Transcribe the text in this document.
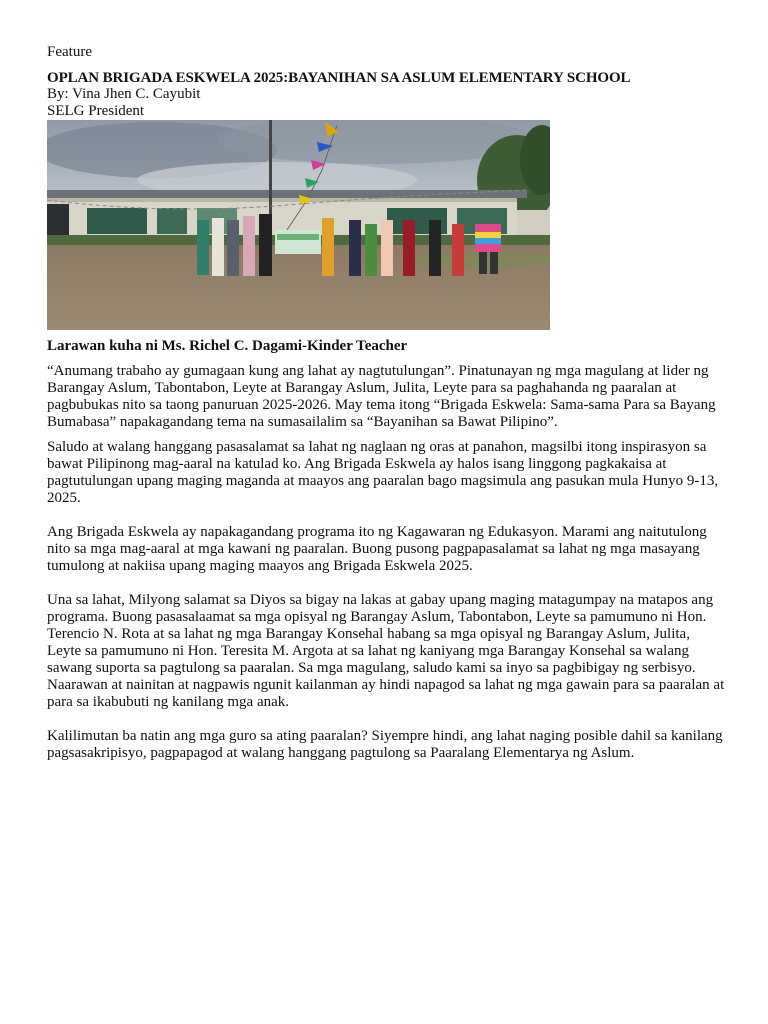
Feature
OPLAN BRIGADA ESKWELA 2025:BAYANIHAN SA ASLUM ELEMENTARY SCHOOL
By: Vina Jhen C. Cayubit
SELG President
Larawan kuha ni Ms. Richel C. Dagami-Kinder Teacher

“Anumang trabaho ay gumagaan kung ang lahat ay nagtutulungan”. Pinatunayan ng mga magulang at lider ng Barangay Aslum, Tabontabon, Leyte at Barangay Aslum, Julita, Leyte para sa paghahanda ng paaralan at pagbubukas nito sa taong panuruan 2025-2026. May tema itong “Brigada Eskwela: Sama-sama Para sa Bayang Bumabasa” napakagandang tema na sumasailalim sa “Bayanihan sa Bawat Pilipino”.

Saludo at walang hanggang pasasalamat sa lahat ng naglaan ng oras at panahon, magsilbi itong inspirasyon sa bawat Pilipinong mag-aaral na katulad ko. Ang Brigada Eskwela ay halos isang linggong pagkakaisa at pagtutulungan upang maging maganda at maayos ang paaralan bago magsimula ang pasukan mula Hunyo 9-13, 2025.

Ang Brigada Eskwela ay napakagandang programa ito ng Kagawaran ng Edukasyon. Marami ang naitutulong nito sa mga mag-aaral at mga kawani ng paaralan. Buong pusong pagpapasalamat sa lahat ng mga masayang tumulong at nakiisa upang maging maayos ang Brigada Eskwela 2025.

Una sa lahat, Milyong salamat sa Diyos sa bigay na lakas at gabay upang maging matagumpay na matapos ang programa. Buong pasasalaamat sa mga opisyal ng Barangay Aslum, Tabontabon, Leyte sa pamumuno ni Hon. Terencio N. Rota at sa lahat ng mga Barangay Konsehal habang sa mga opisyal ng Barangay Aslum, Julita, Leyte sa pamumuno ni Hon. Teresita M. Argota at sa lahat ng kaniyang mga Barangay Konsehal sa walang sawang suporta sa pagtulong sa paaralan. Sa mga magulang, saludo kami sa inyo sa pagbibigay ng serbisyo. Naarawan at nainitan at nagpawis ngunit kailanman ay hindi napagod sa lahat ng mga gawain para sa paaralan at para sa ikabubuti ng kanilang mga anak.

Kalilimutan ba natin ang mga guro sa ating paaralan? Siyempre hindi, ang lahat naging posible dahil sa kanilang pagsasakripisyo, pagpapagod at walang hanggang pagtulong sa Paaralang Elementarya ng Aslum.
